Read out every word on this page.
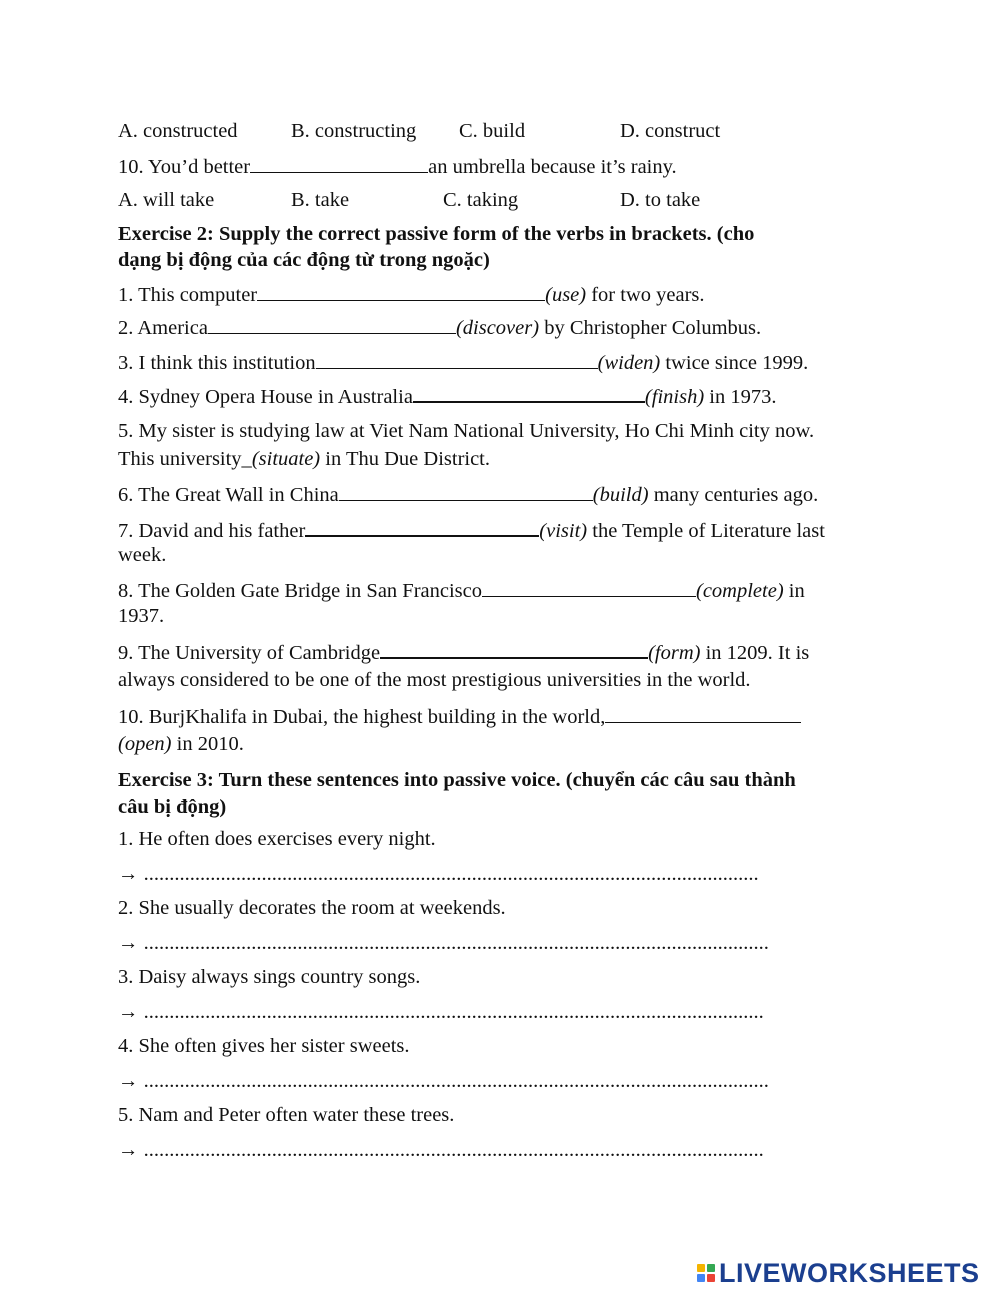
A. constructed	B. constructing C. build	D. construct
10. You’d better	an umbrella because it’s rainy.
A. will take	B. take	C. taking	D. to take
Exercise 2: Supply the correct passive form of the verbs in brackets. (cho
dạng bị động của các động từ trong ngoặc)
1. This computer	(use) for two years.
2. America	(discover) by Christopher Columbus.
3. I think this institution	(widen) twice since 1999.
4. Sydney Opera House in Australia	(finish) in 1973.
5. My sister is studying law at Viet Nam National University, Ho Chi Minh city now.
This university_(situate) in Thu Due District.
6. The Great Wall in China	(build) many centuries ago.
7. David and his father	(visit) the Temple of Literature last
week.
8. The Golden Gate Bridge in San Francisco	(complete) in
1937.
9. The University of Cambridge	(form) in 1209. It is
always considered to be one of the most prestigious universities in the world.
10. BurjKhalifa in Dubai, the highest building in the world,
(open) in 2010.
Exercise 3: Turn these sentences into passive voice. (chuyển các câu sau thành
câu bị động)
1. He often does exercises every night.
→ ........................................................................................................................
2. She usually decorates the room at weekends.
→ ..........................................................................................................................
3. Daisy always sings country songs.
→ .........................................................................................................................
4. She often gives her sister sweets.
→ ..........................................................................................................................
5. Nam and Peter often water these trees.
→ .........................................................................................................................
LIVEWORKSHEETS
